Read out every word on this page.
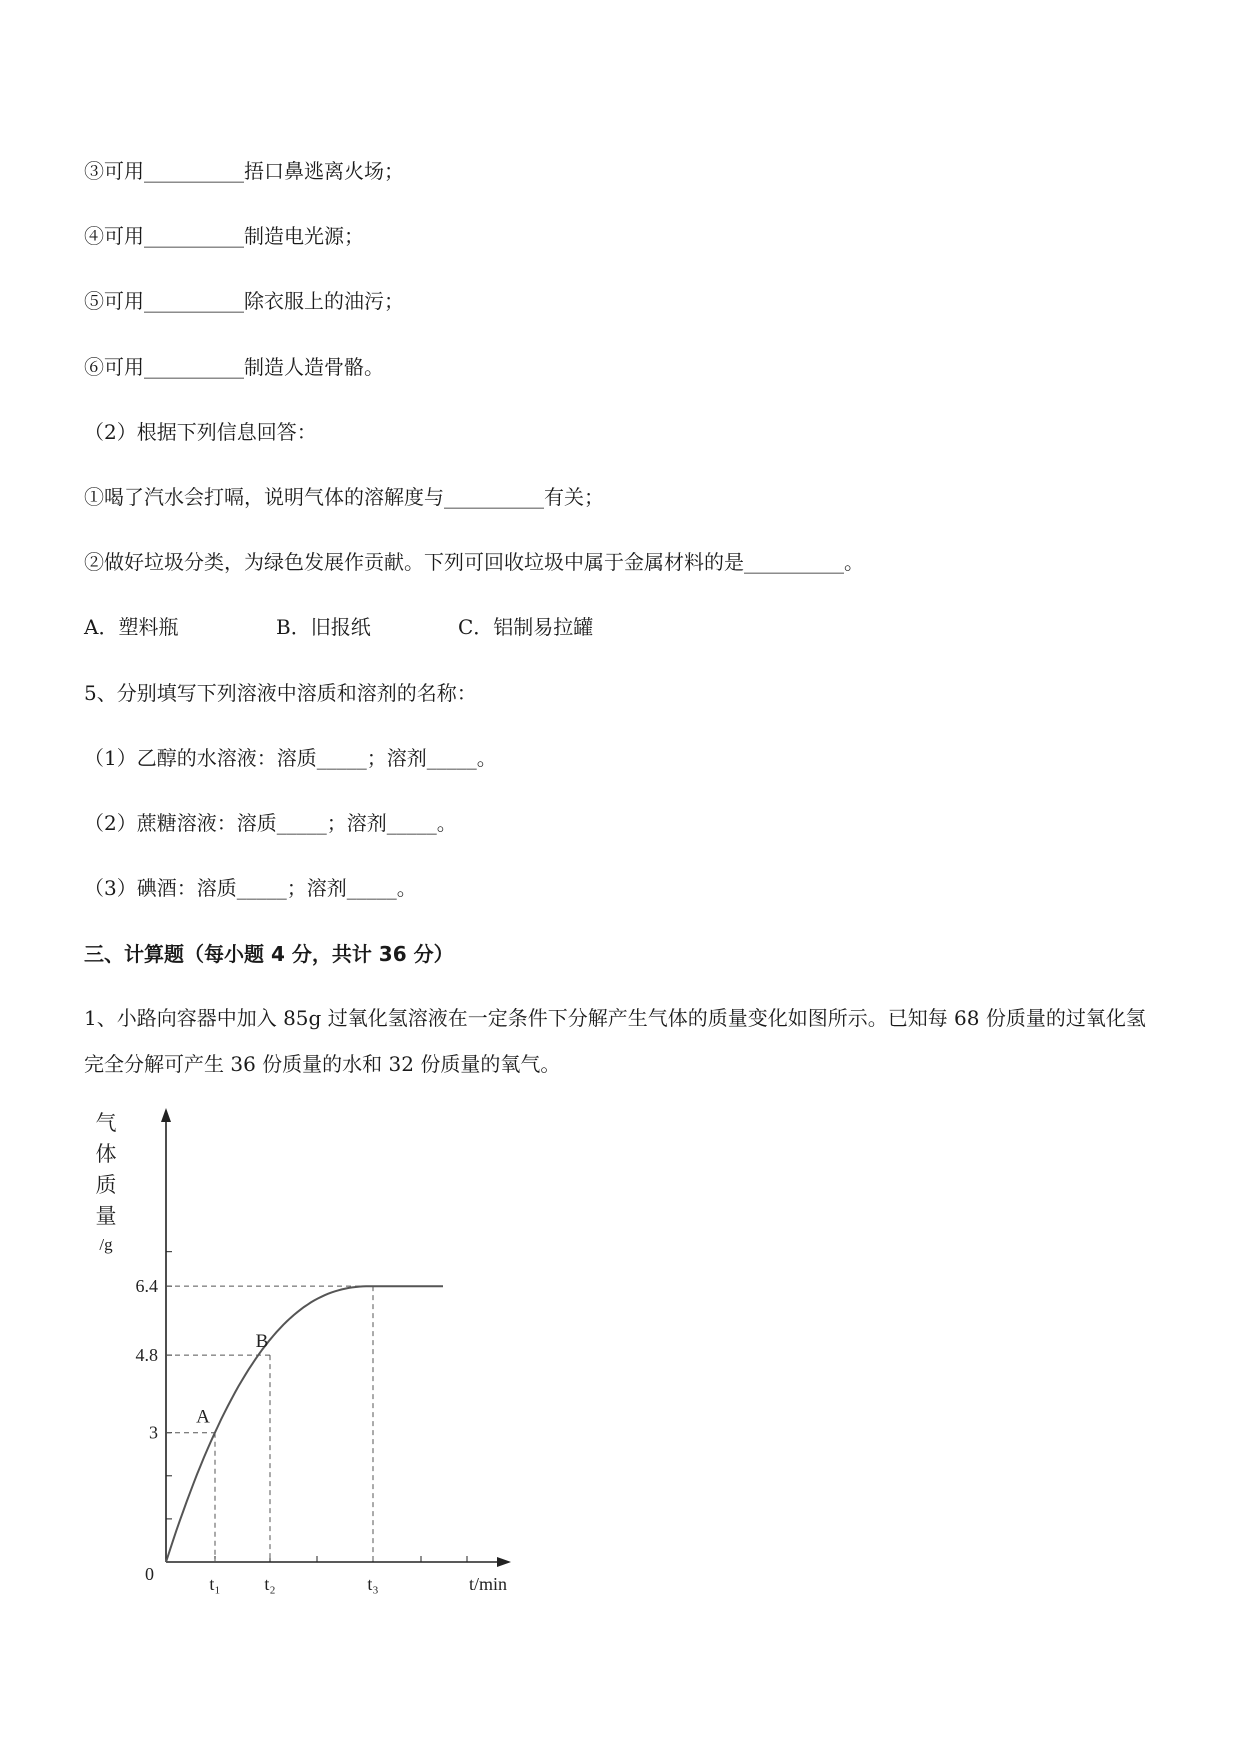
③可用__________捂口鼻逃离火场；
④可用__________制造电光源；
⑤可用__________除衣服上的油污；
⑥可用__________制造人造骨骼。
（2）根据下列信息回答：
①喝了汽水会打嗝，说明气体的溶解度与__________有关；
②做好垃圾分类，为绿色发展作贡献。下列可回收垃圾中属于金属材料的是__________。
A．塑料瓶	B．旧报纸	C．铝制易拉罐
5、分别填写下列溶液中溶质和溶剂的名称：
（1）乙醇的水溶液：溶质_____；溶剂_____。
（2）蔗糖溶液：溶质_____；溶剂_____。
（3）碘酒：溶质_____；溶剂_____。
三、计算题（每小题 4 分，共计 36 分）
1、小路向容器中加入 85g 过氧化氢溶液在一定条件下分解产生气体的质量变化如图所示。已知每 68 份质量的过氧化氢完全分解可产生 36 份质量的水和 32 份质量的氧气。
3
4.8
6.4
0	t₁ t₂	t₃	t/min
A
B
气
体
质
量
/g
